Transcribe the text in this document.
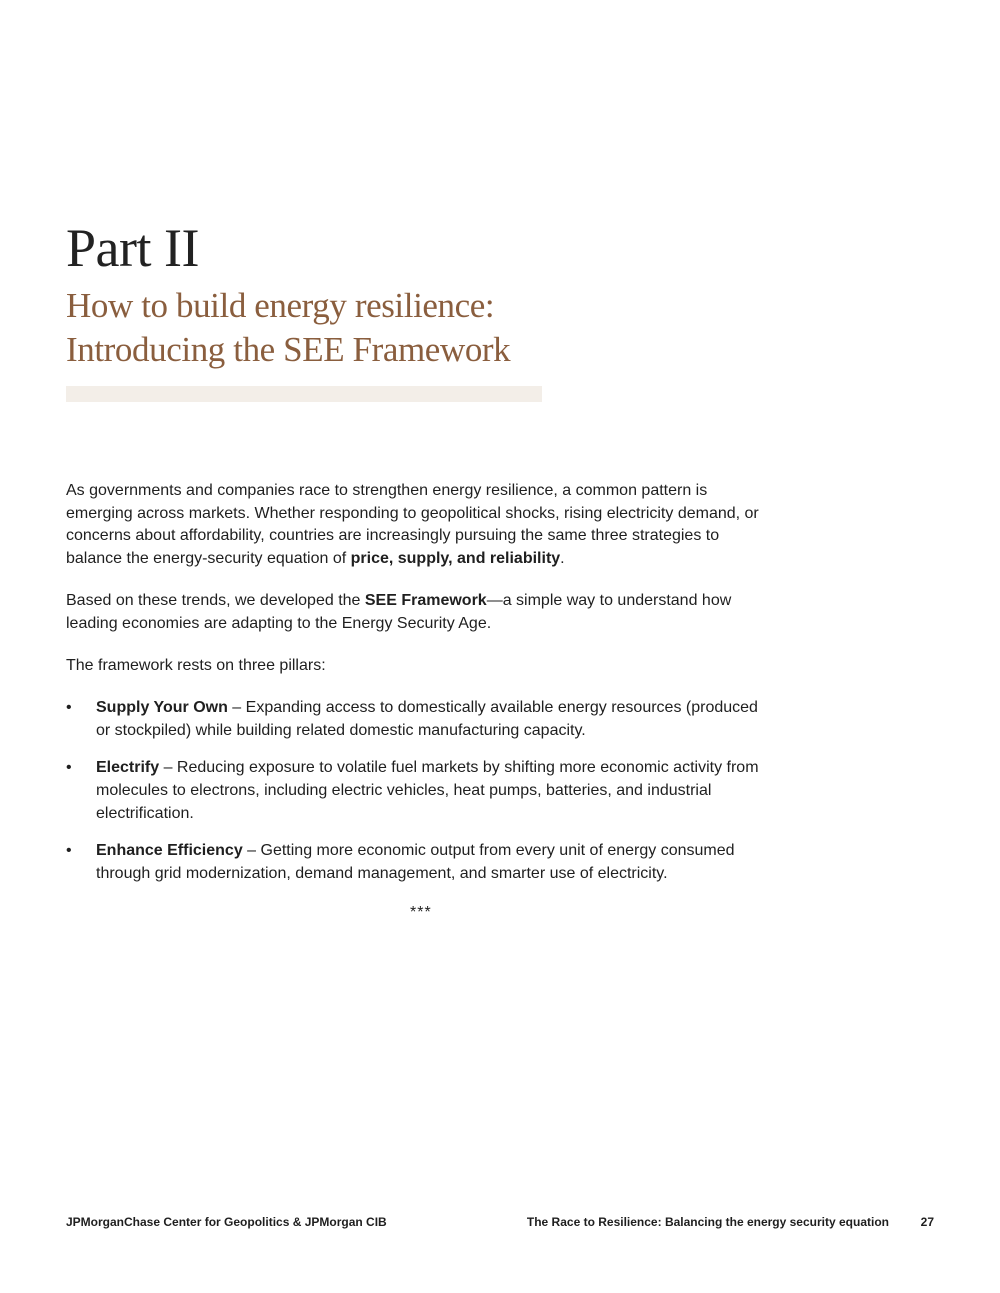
Part II
How to build energy resilience:
Introducing the SEE Framework

As governments and companies race to strengthen energy resilience, a common pattern is emerging across markets. Whether responding to geopolitical shocks, rising electricity demand, or concerns about affordability, countries are increasingly pursuing the same three strategies to balance the energy-security equation of price, supply, and reliability.

Based on these trends, we developed the SEE Framework—a simple way to understand how leading economies are adapting to the Energy Security Age.

The framework rests on three pillars:

• Supply Your Own – Expanding access to domestically available energy resources (produced or stockpiled) while building related domestic manufacturing capacity.
• Electrify – Reducing exposure to volatile fuel markets by shifting more economic activity from molecules to electrons, including electric vehicles, heat pumps, batteries, and industrial electrification.
• Enhance Efficiency – Getting more economic output from every unit of energy consumed through grid modernization, demand management, and smarter use of electricity.
***
JPMorganChase Center for Geopolitics & JPMorgan CIB	The Race to Resilience: Balancing the energy security equation	27
